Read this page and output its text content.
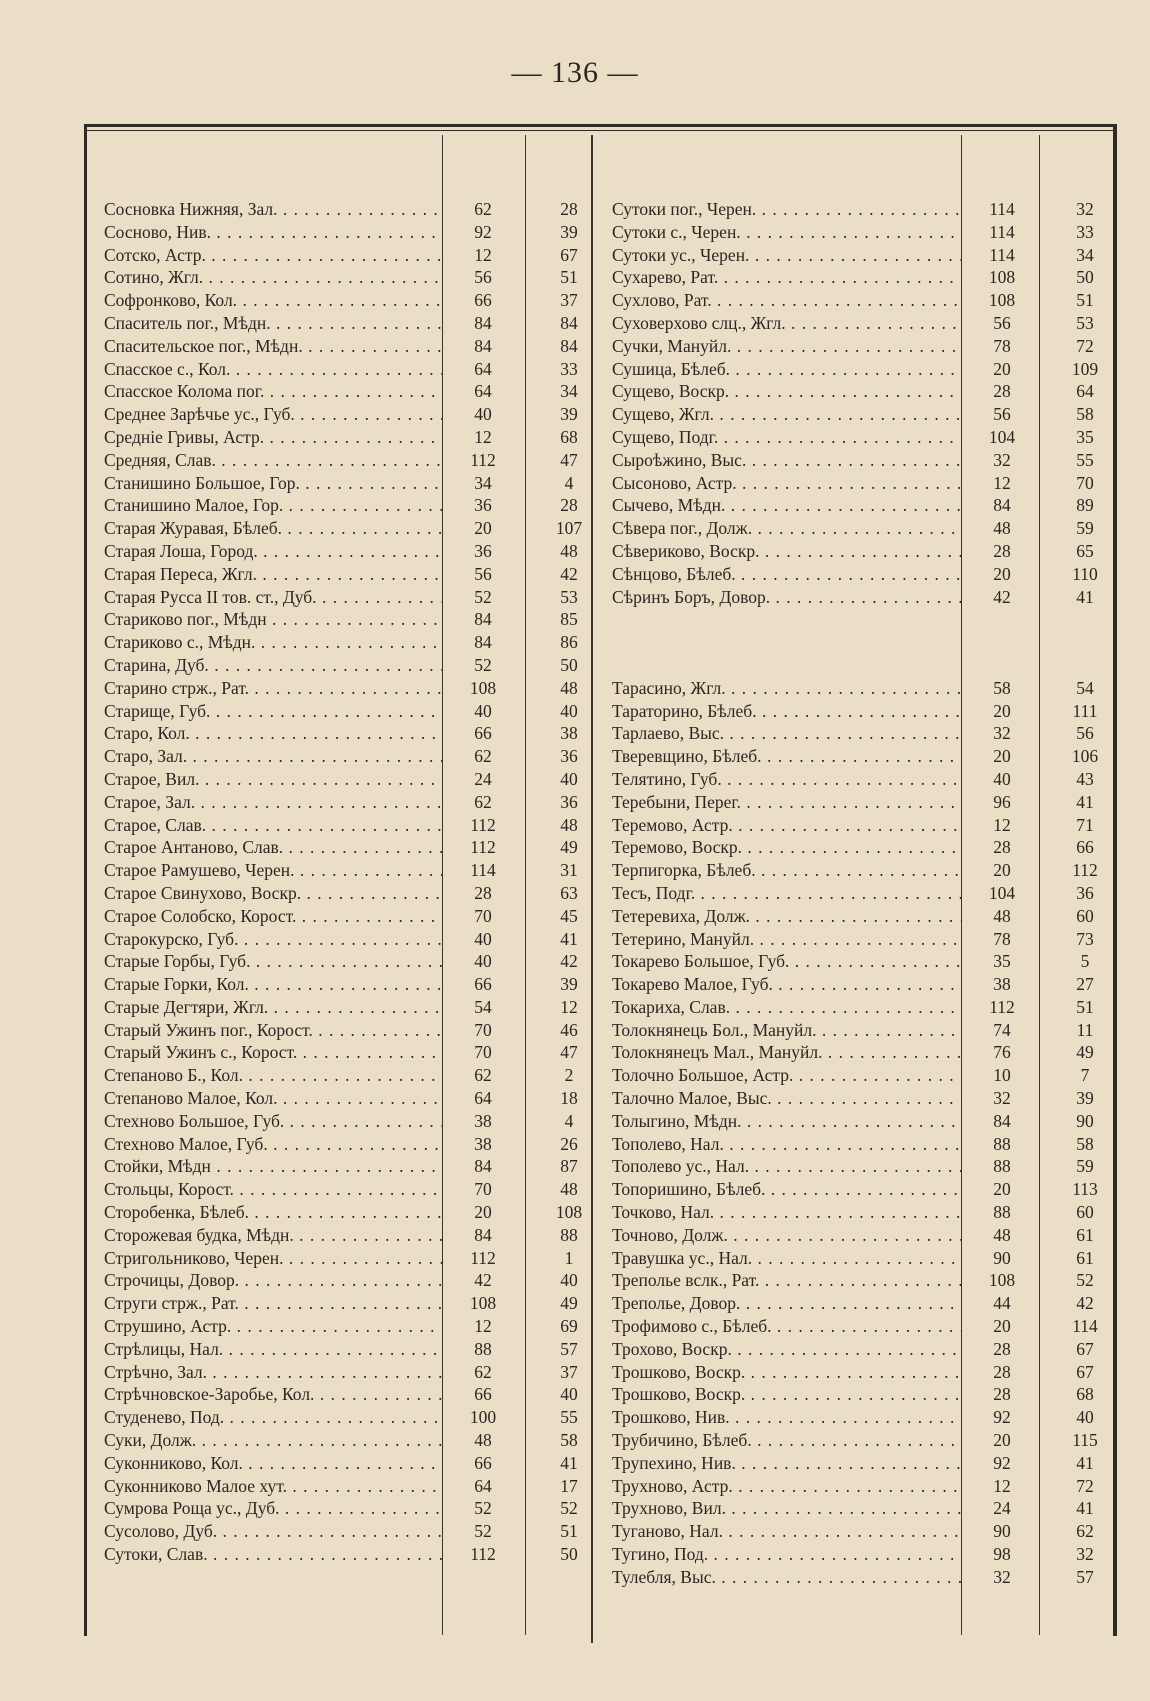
— 136 —
Сосновка Нижняя, Зал. . . .	62	28
Сосново, Нив. . . .	92	39
Сотско, Астр. . . .	12	67
Сотино, Жгл. . . .	56	51
Софронково, Кол. . . .	66	37
Спаситель пог., Мѣдн. . . .	84	84
Спасительское пог., Мѣдн. . . .	84	84
Спасское с., Кол. . . .	64	33
Спасское Колома пог. . . .	64	34
Среднее Зарѣчье ус., Губ. . . .	40	39
Средніе Гривы, Астр. . . .	12	68
Средняя, Слав. . . .	112	47
Станишино Большое, Гор. . . .	34	4
Станишино Малое, Гор. . . .	36	28
Старая Журавая, Бѣлеб. . . .	20	107
Старая Лоша, Город. . . .	36	48
Старая Переса, Жгл. . . .	56	42
Старая Русса II тов. ст., Дуб. . . .	52	53
Стариково пог., Мѣдн . . .	84	85
Стариково с., Мѣдн. . . .	84	86
Старина, Дуб. . . .	52	50
Старино стрж., Рат. . . .	108	48
Старище, Губ. . . .	40	40
Старо, Кол. . . .	66	38
Старо, Зал. . . .	62	36
Старое, Вил. . . .	24	40
Старое, Зал. . . .	62	36
Старое, Слав. . . .	112	48
Старое Антаново, Слав. . . .	112	49
Старое Рамушево, Черен. . . .	114	31
Старое Свинухово, Воскр. . . .	28	63
Старое Солобско, Корост. . . .	70	45
Старокурско, Губ. . . .	40	41
Старые Горбы, Губ. . . .	40	42
Старые Горки, Кол. . . .	66	39
Старые Дегтяри, Жгл. . . .	54	12
Старый Ужинъ пог., Корост. . . .	70	46
Старый Ужинъ с., Корост. . . .	70	47
Степаново Б., Кол. . . .	62	2
Степаново Малое, Кол. . . .	64	18
Стехново Большое, Губ. . . .	38	4
Стехново Малое, Губ. . . .	38	26
Стойки, Мѣдн . . .	84	87
Стольцы, Корост. . . .	70	48
Сторобенка, Бѣлеб. . . .	20	108
Сторожевая будка, Мѣдн. . . .	84	88
Стригольниково, Черен. . . .	112	1
Строчицы, Довор. . . .	42	40
Струги стрж., Рат. . . .	108	49
Струшино, Астр. . . .	12	69
Стрѣлицы, Нал. . . .	88	57
Стрѣчно, Зал. . . .	62	37
Стрѣчновское-Заробье, Кол. . . .	66	40
Студенево, Под. . . .	100	55
Суки, Долж. . . .	48	58
Суконниково, Кол. . . .	66	41
Суконниково Малое хут. . . .	64	17
Сумрова Роща ус., Дуб. . . .	52	52
Сусолово, Дуб. . . .	52	51
Сутоки, Слав. . . .	112	50
Сутоки пог., Черен. . . .	114	32
Сутоки с., Черен. . . .	114	33
Сутоки ус., Черен. . . .	114	34
Сухарево, Рат. . . .	108	50
Сухлово, Рат. . . .	108	51
Суховерхово слц., Жгл. . . .	56	53
Сучки, Мануйл. . . .	78	72
Сушица, Бѣлеб. . . .	20	109
Сущево, Воскр. . . .	28	64
Сущево, Жгл. . . .	56	58
Сущево, Подг. . . .	104	35
Сыроѣжино, Выс. . . .	32	55
Сысоново, Астр. . . .	12	70
Сычево, Мѣдн. . . .	84	89
Сѣвера пог., Долж. . . .	48	59
Сѣвериково, Воскр. . . .	28	65
Сѣнцово, Бѣлеб. . . .	20	110
Сѣринъ Боръ, Довор. . . .	42	41
Тарасино, Жгл. . . .	58	54
Тараторино, Бѣлеб. . . .	20	111
Тарлаево, Выс. . . .	32	56
Тверевщино, Бѣлеб. . . .	20	106
Телятино, Губ. . . .	40	43
Теребыни, Перег. . . .	96	41
Теремово, Астр. . . .	12	71
Теремово, Воскр. . . .	28	66
Терпигорка, Бѣлеб. . . .	20	112
Тесъ, Подг. . . .	104	36
Тетеревиха, Долж. . . .	48	60
Тетерино, Мануйл. . . .	78	73
Токарево Большое, Губ. . . .	35	5
Токарево Малое, Губ. . . .	38	27
Токариха, Слав. . . .	112	51
Толокнянець Бол., Мануйл. . . .	74	11
Толокнянецъ Мал., Мануйл. . . .	76	49
Толочно Большое, Астр. . . .	10	7
Талочно Малое, Выс. . . .	32	39
Толыгино, Мѣдн. . . .	84	90
Тополево, Нал. . . .	88	58
Тополево ус., Нал. . . .	88	59
Топоришино, Бѣлеб. . . .	20	113
Точково, Нал. . . .	88	60
Точново, Долж. . . .	48	61
Травушка ус., Нал. . . .	90	61
Треполье вслк., Рат. . . .	108	52
Треполье, Довор. . . .	44	42
Трофимово с., Бѣлеб. . . .	20	114
Трохово, Воскр. . . .	28	67
Трошково, Воскр. . . .	28	67
Трошково, Воскр. . . .	28	68
Трошково, Нив. . . .	92	40
Трубичино, Бѣлеб. . . .	20	115
Трупехино, Нив. . . .	92	41
Трухново, Астр. . . .	12	72
Трухново, Вил. . . .	24	41
Туганово, Нал. . . .	90	62
Тугино, Под. . . .	98	32
Тулебля, Выс. . . .	32	57
